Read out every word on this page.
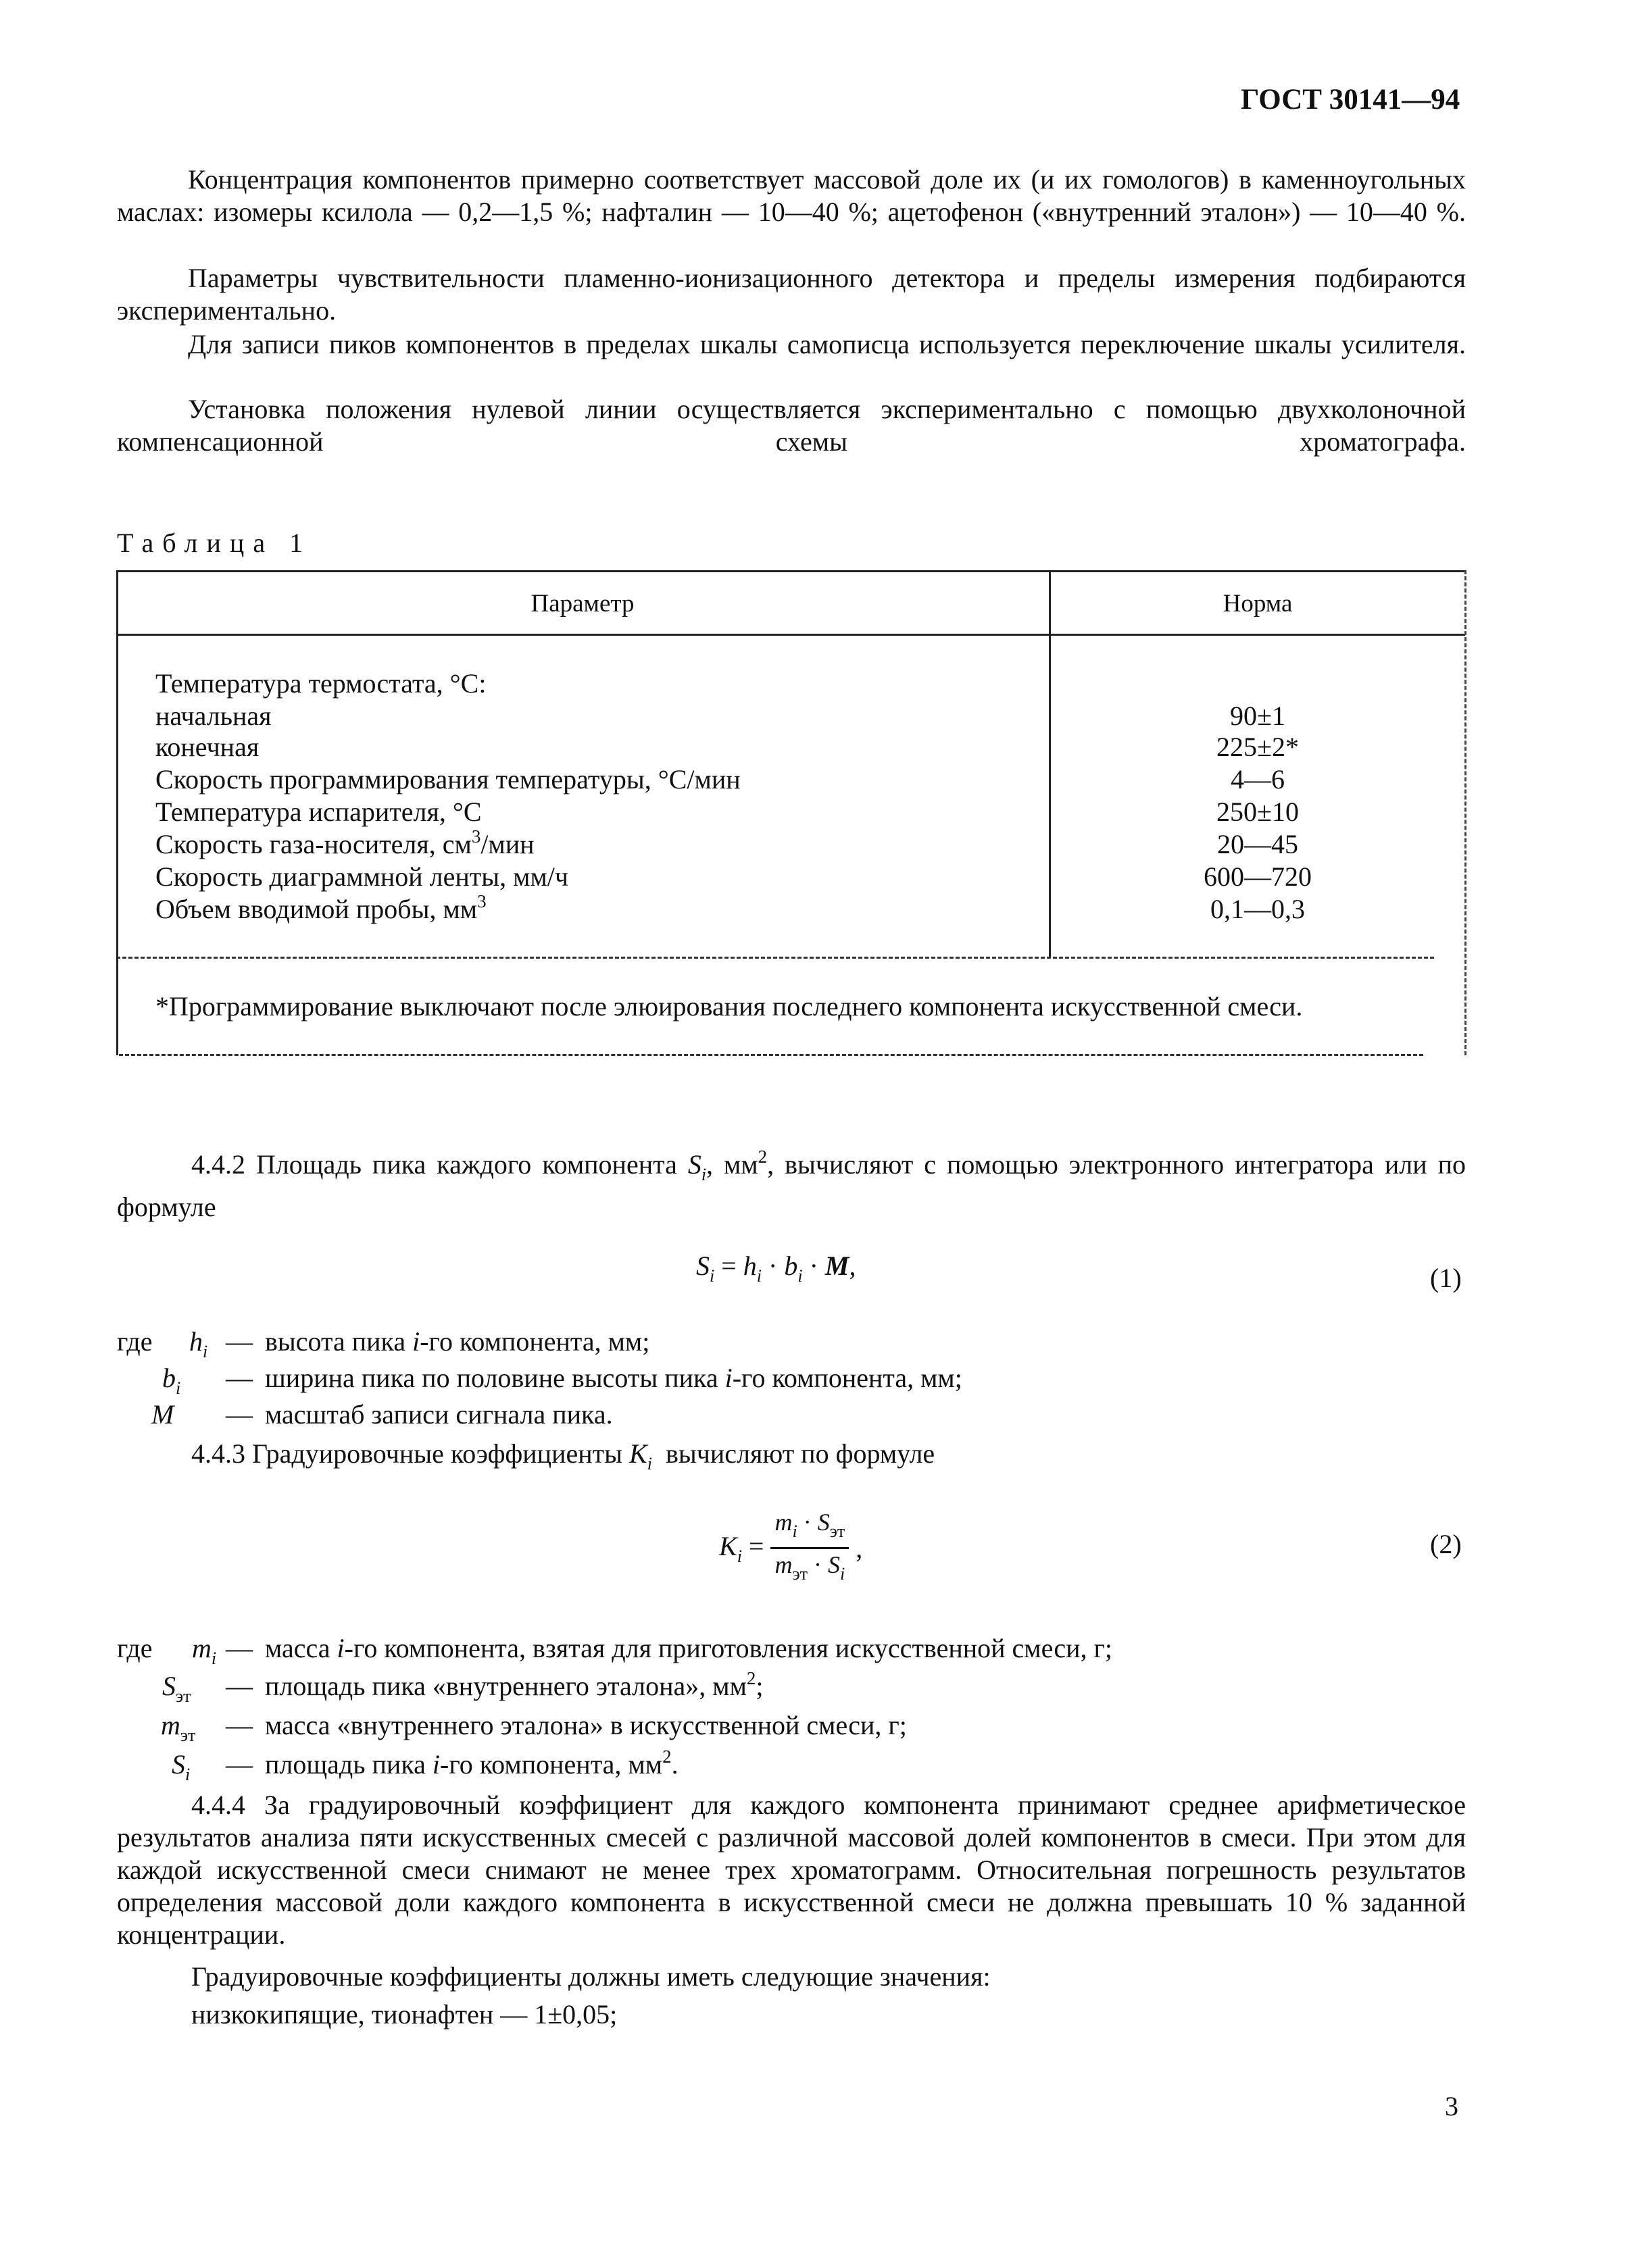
ГОСТ 30141—94
Концентрация компонентов примерно соответствует массовой доле их (и их гомологов) в каменноугольных маслах: изомеры ксилола — 0,2—1,5 %; нафталин — 10—40 %; ацетофенон («внутренний эталон») — 10—40 %.
Параметры чувствительности пламенно-ионизационного детектора и пределы измерения подбираются экспериментально.
Для записи пиков компонентов в пределах шкалы самописца используется переключение шкалы усилителя.
Установка положения нулевой линии осуществляется экспериментально с помощью двухколоночной компенсационной схемы хроматографа.
Таблица 1
Параметр	Норма
Температура термостата, °С:
начальная	90±1
конечная	225±2*
Скорость программирования температуры, °С/мин	4—6
Температура испарителя, °С	250±10
Скорость газа-носителя, $см^3$/мин	20—45
Скорость диаграммной ленты, мм/ч	600—720
Объем вводимой пробы, $мм^3$	0,1—0,3
*Программирование выключают после элюирования последнего компонента искусственной смеси.
4.4.2 Площадь пика каждого компонента $S_i$, $мм^2$, вычисляют с помощью электронного интегратора или по формуле
$S_i = h_i \cdot b_i \cdot M$,	(1)
где $h_i$ — высота пика i-го компонента, мм;
$b_i$ — ширина пика по половине высоты пика i-го компонента, мм;
M — масштаб записи сигнала пика.
4.4.3 Градуировочные коэффициенты $K_i$ вычисляют по формуле
$K_i = \frac{m_i \cdot S_{эт}}{m_{эт} \cdot S_i}$ ,	(2)
где $m_i$ — масса i-го компонента, взятая для приготовления искусственной смеси, г;
$S_{эт}$ — площадь пика «внутреннего эталона», $мм^2$;
$m_{эт}$ — масса «внутреннего эталона» в искусственной смеси, г;
$S_i$ — площадь пика i-го компонента, $мм^2$.
4.4.4 За градуировочный коэффициент для каждого компонента принимают среднее арифметическое результатов анализа пяти искусственных смесей с различной массовой долей компонентов в смеси. При этом для каждой искусственной смеси снимают не менее трех хроматограмм. Относительная погрешность результатов определения массовой доли каждого компонента в искусственной смеси не должна превышать 10 % заданной концентрации.
Градуировочные коэффициенты должны иметь следующие значения:
низкокипящие, тионафтен — 1±0,05;
3
